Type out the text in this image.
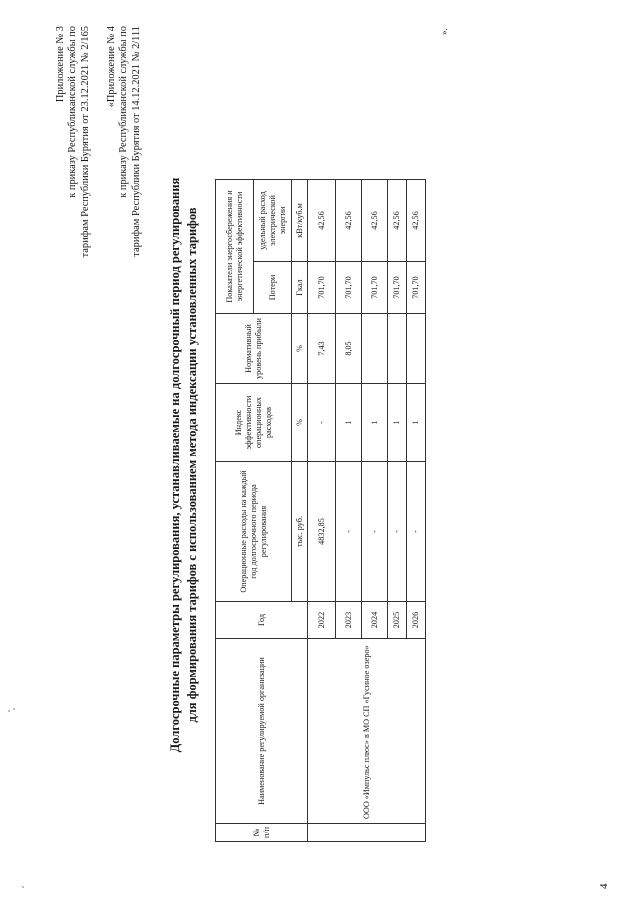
4
Приложение № 3 к приказу Республиканской службы по тарифам Республики Бурятия от 23.12.2021 № 2/165 «Приложение № 4 к приказу Республиканской службы по тарифам Республики Бурятия от 14.12.2021 № 2/111
Долгосрочные параметры регулирования, устанавливаемые на долгосрочный период регулирования для формирования тарифов с использованием метода индексации установленных тарифов
№ п/п	Наименование регулируемой организации	Год	Операционные расходы на каждый год долгосрочного периода регулирования	Индекс эффективности операционных расходов	Нормативный уровень прибыли	Показатели энергосбережения и энергетической эффективности	
						Потери	удельный расход электрической энергии
			тыс. руб.	%	%	Гкал	кВт/куб.м
	ООО «Импульс плюс» в МО СП «Гусиное озеро»	2022	4832,85	-	7,43	701,70	42,56
		2023	-	1	8,05	701,70	42,56
		2024	-	1		701,70	42,56
		2025	-	1		701,70	42,56
		2026	-	1		701,70	42,56
».
